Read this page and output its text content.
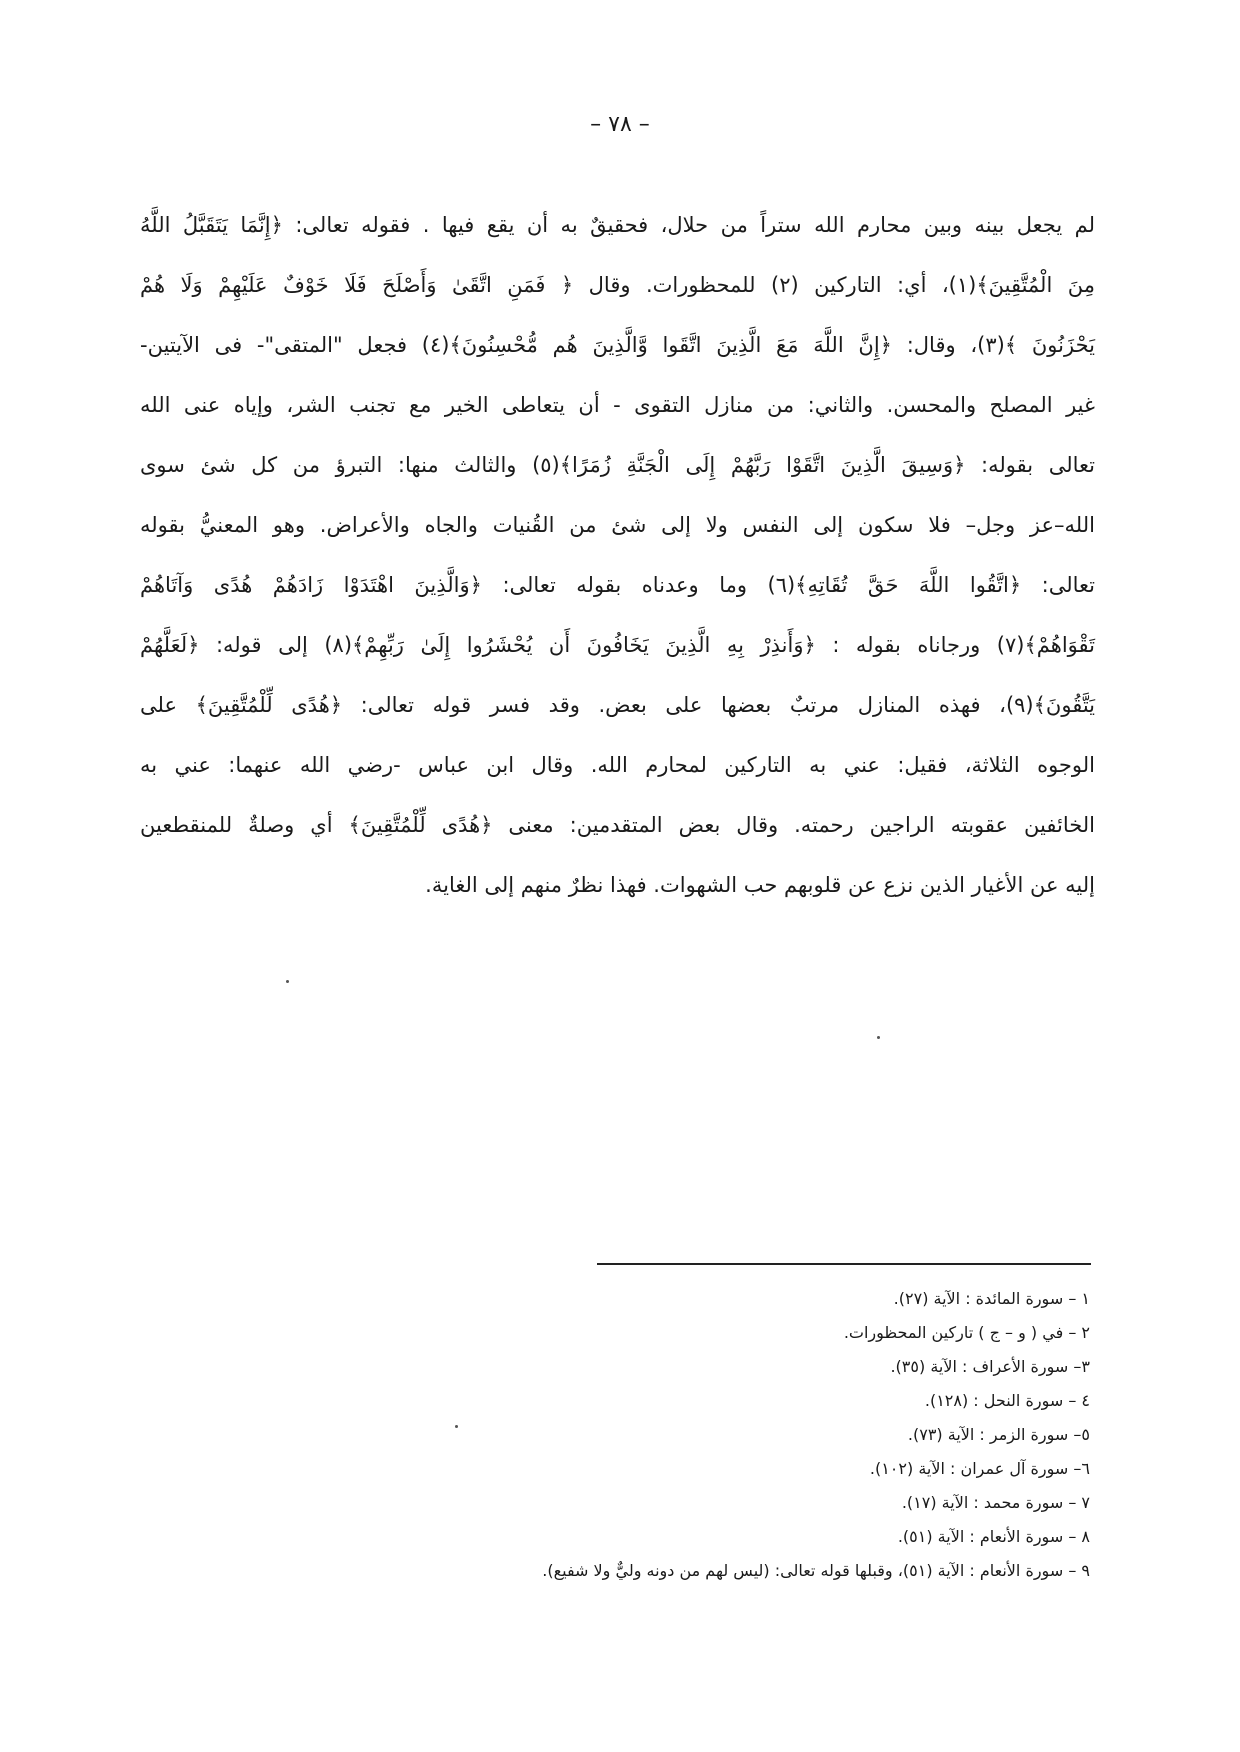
– ٧٨ –
لم يجعل بينه وبين محارم الله ستراً من حلال، فحقيقٌ به أن يقع فيها . فقوله تعالى: ﴿إِنَّمَا يَتَقَبَّلُ اللَّهُ
مِنَ الْمُتَّقِينَ﴾(١)، أي: التاركين (٢) للمحظورات. وقال ﴿ فَمَنِ اتَّقَىٰ وَأَصْلَحَ فَلَا خَوْفٌ عَلَيْهِمْ وَلَا هُمْ
يَحْزَنُونَ ﴾(٣)، وقال: ﴿إِنَّ اللَّهَ مَعَ الَّذِينَ اتَّقَوا وَّالَّذِينَ هُم مُّحْسِنُونَ﴾(٤) فجعل "المتقى"- فى الآيتين-
غير المصلح والمحسن. والثاني: من منازل التقوى - أن يتعاطى الخير مع تجنب الشر، وإياه عنى الله
تعالى بقوله: ﴿وَسِيقَ الَّذِينَ اتَّقَوْا رَبَّهُمْ إِلَى الْجَنَّةِ زُمَرًا﴾(٥) والثالث منها: التبرؤ من كل شئ سوى
الله–عز وجل– فلا سكون إلى النفس ولا إلى شئ من القُنيات والجاه والأعراض. وهو المعنيُّ بقوله
تعالى: ﴿اتَّقُوا اللَّهَ حَقَّ تُقَاتِهِ﴾(٦) وما وعدناه بقوله تعالى: ﴿وَالَّذِينَ اهْتَدَوْا زَادَهُمْ هُدًى وَآتَاهُمْ
تَقْوَاهُمْ﴾(٧) ورجاناه بقوله : ﴿وَأَنذِرْ بِهِ الَّذِينَ يَخَافُونَ أَن يُحْشَرُوا إِلَىٰ رَبِّهِمْ﴾(٨) إلى قوله: ﴿لَعَلَّهُمْ
يَتَّقُونَ﴾(٩)، فهذه المنازل مرتبٌ بعضها على بعض. وقد فسر قوله تعالى: ﴿هُدًى لِّلْمُتَّقِينَ﴾ على
الوجوه الثلاثة، فقيل: عني به التاركين لمحارم الله. وقال ابن عباس -رضي الله عنهما: عني به
الخائفين عقوبته الراجين رحمته. وقال بعض المتقدمين: معنى ﴿هُدًى لِّلْمُتَّقِينَ﴾ أي وصلةٌ للمنقطعين
إليه عن الأغيار الذين نزع عن قلوبهم حب الشهوات. فهذا نظرٌ منهم إلى الغاية.
١ – سورة المائدة : الآية (٢٧).
٢ – في ( و – ج ) تاركين المحظورات.
٣– سورة الأعراف : الآية (٣٥).
٤ – سورة النحل : (١٢٨).
٥– سورة الزمر : الآية (٧٣).
٦– سورة آل عمران : الآية (١٠٢).
٧ – سورة محمد : الآية (١٧).
٨ – سورة الأنعام : الآية (٥١).
٩ – سورة الأنعام : الآية (٥١)، وقبلها قوله تعالى: (ليس لهم من دونه وليٌّ ولا شفيع).
